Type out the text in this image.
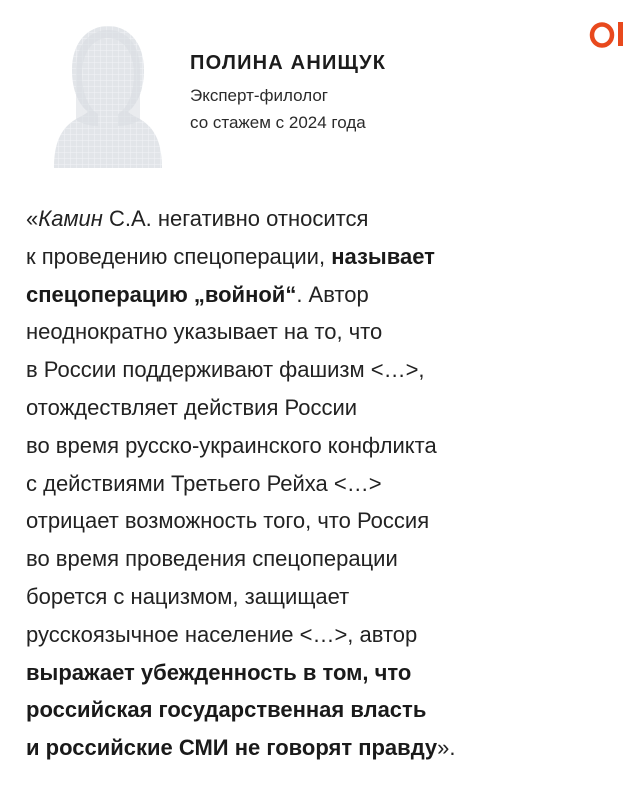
ПОЛИНА АНИЩУК
Эксперт-филолог
со стажем с 2024 года
«Камин С.А. негативно относится
к проведению спецоперации, называет
спецоперацию „войной“. Автор
неоднократно указывает на то, что
в России поддерживают фашизм <…>,
отождествляет действия России
во время русско-украинского конфликта
с действиями Третьего Рейха <…>
отрицает возможность того, что Россия
во время проведения спецоперации
борется с нацизмом, защищает
русскоязычное население <…>, автор
выражает убежденность в том, что
российская государственная власть
и российские СМИ не говорят правду».
